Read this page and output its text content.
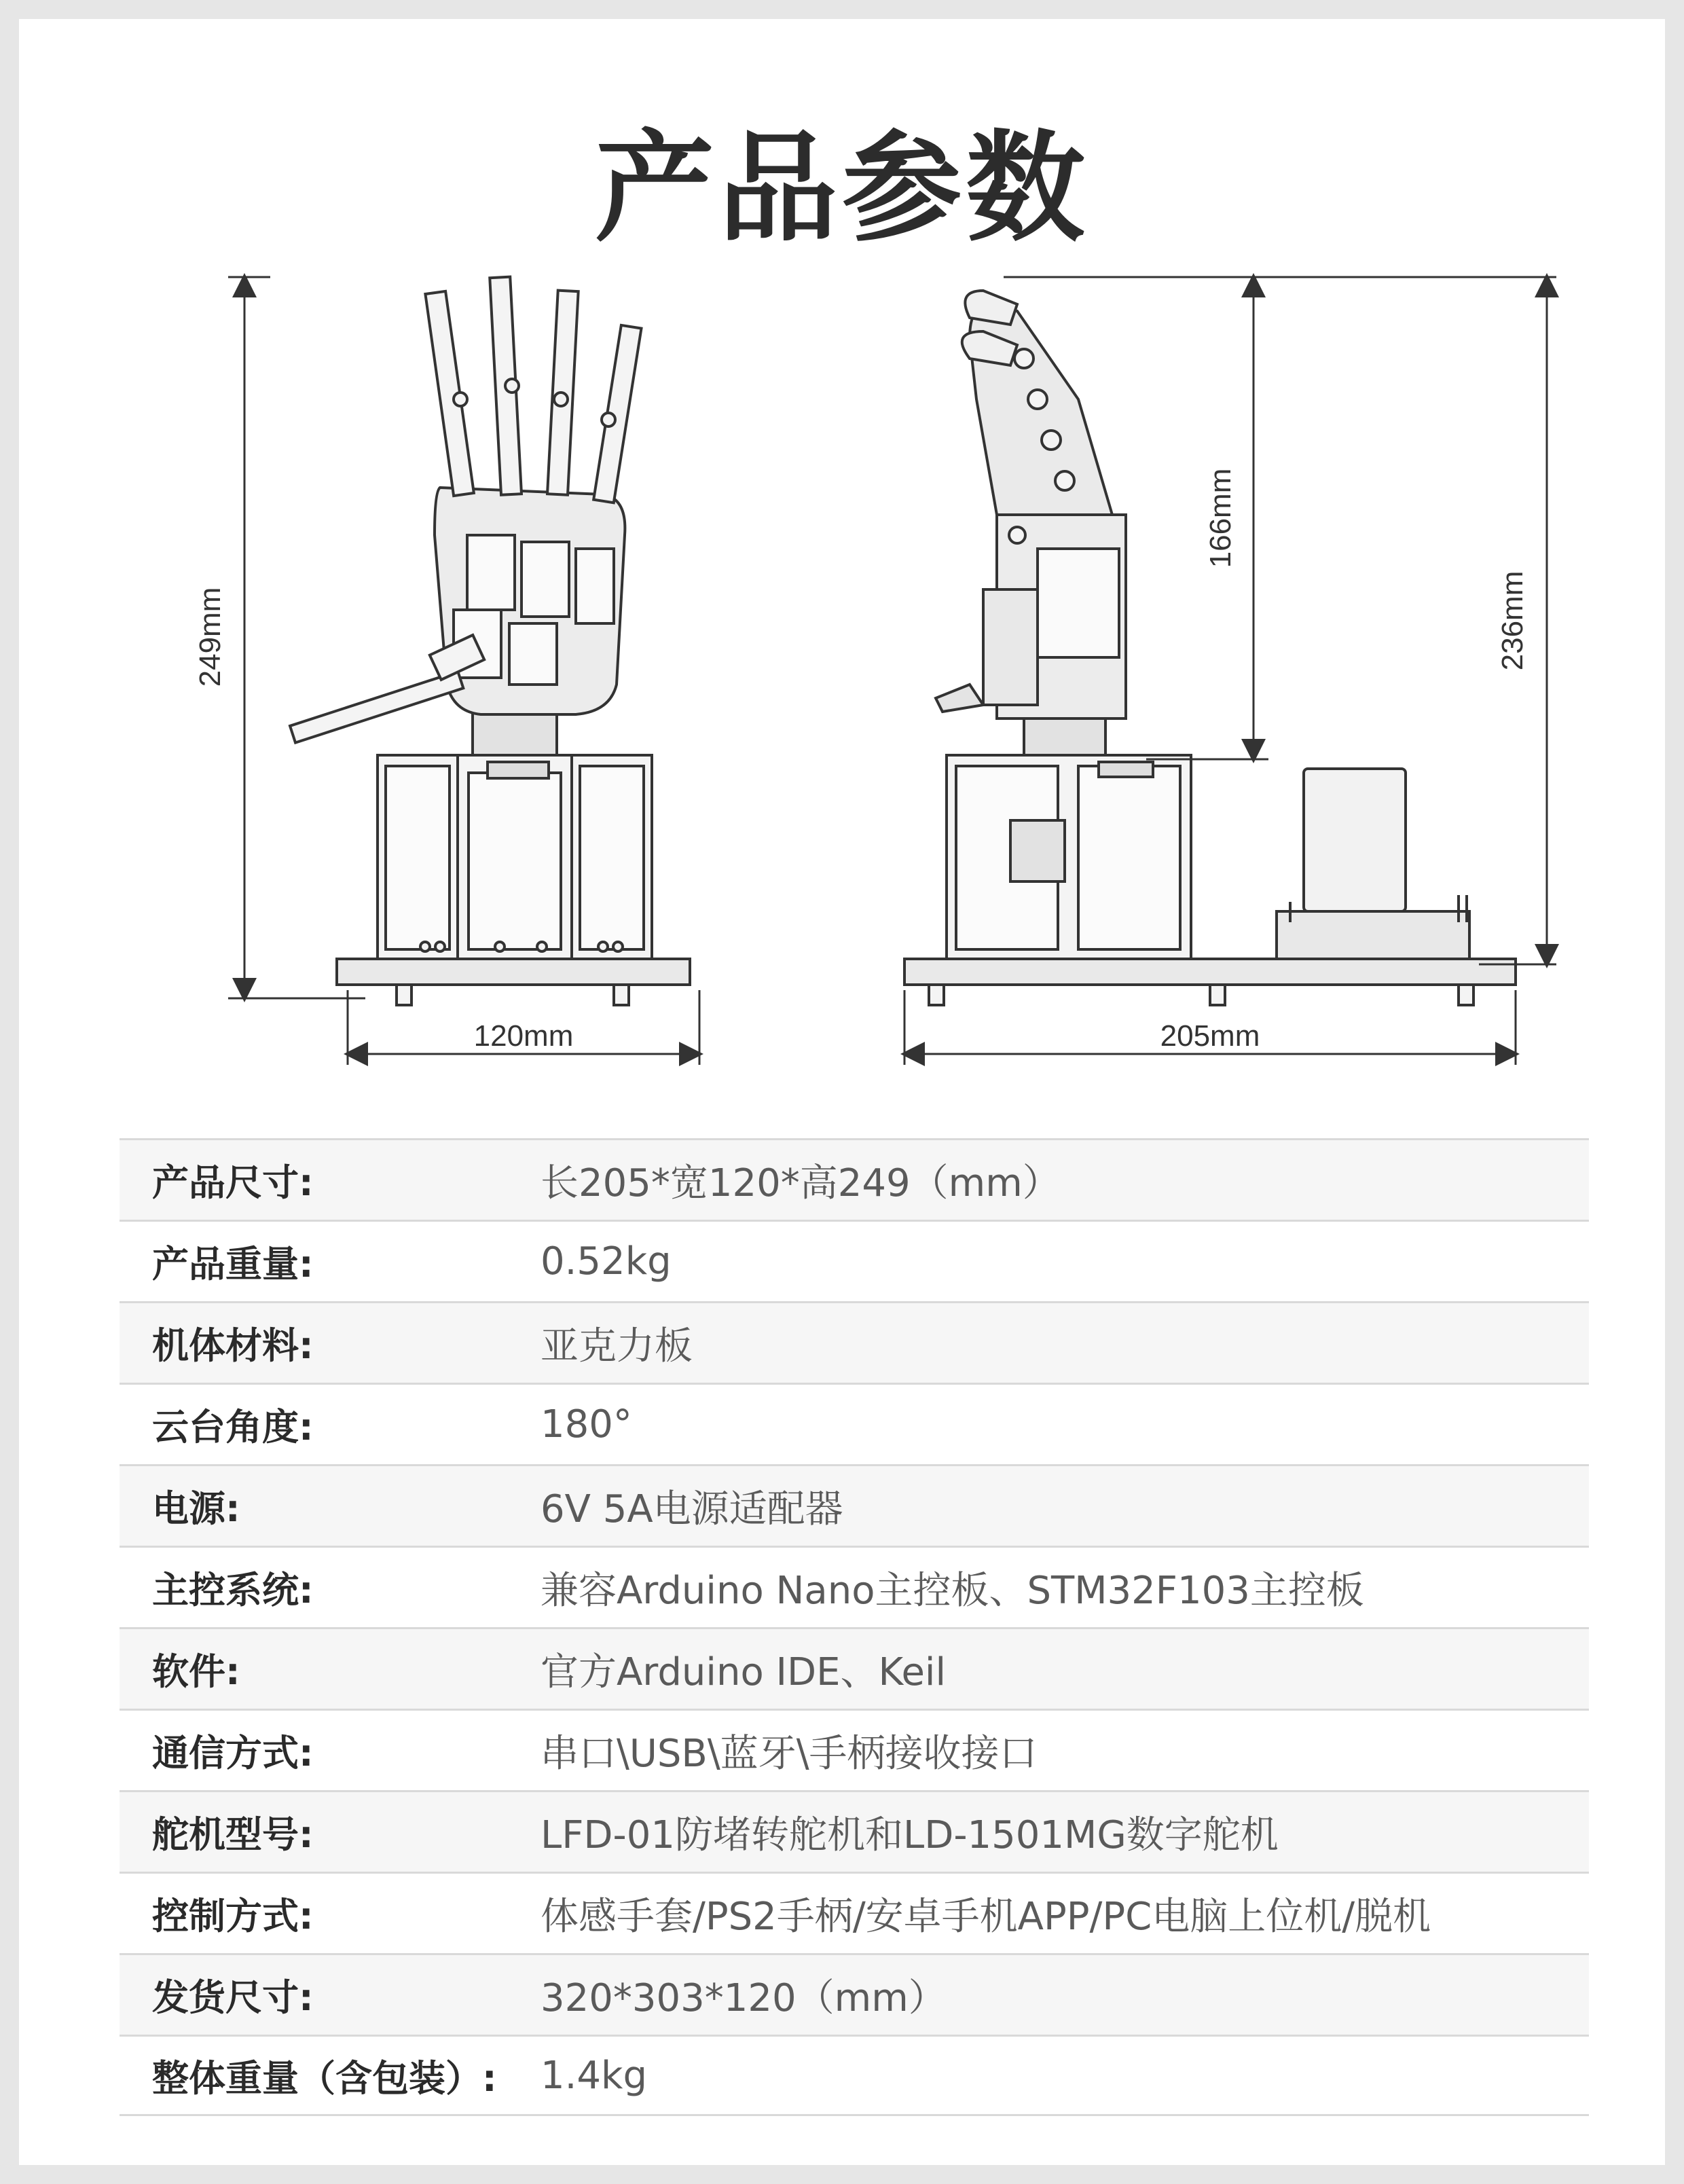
产品参数
249mm
120mm
166mm
236mm
205mm
产品尺寸:	长205*宽120*高249（mm）
产品重量:	0.52kg
机体材料:	亚克力板
云台角度:	180°
电源:	6V 5A电源适配器
主控系统:	兼容Arduino Nano主控板、STM32F103主控板
软件:	官方Arduino IDE、Keil
通信方式:	串口\USB\蓝牙\手柄接收接口
舵机型号:	LFD-01防堵转舵机和LD-1501MG数字舵机
控制方式:	体感手套/PS2手柄/安卓手机APP/PC电脑上位机/脱机
发货尺寸:	320*303*120（mm）
整体重量（含包装）:	1.4kg
